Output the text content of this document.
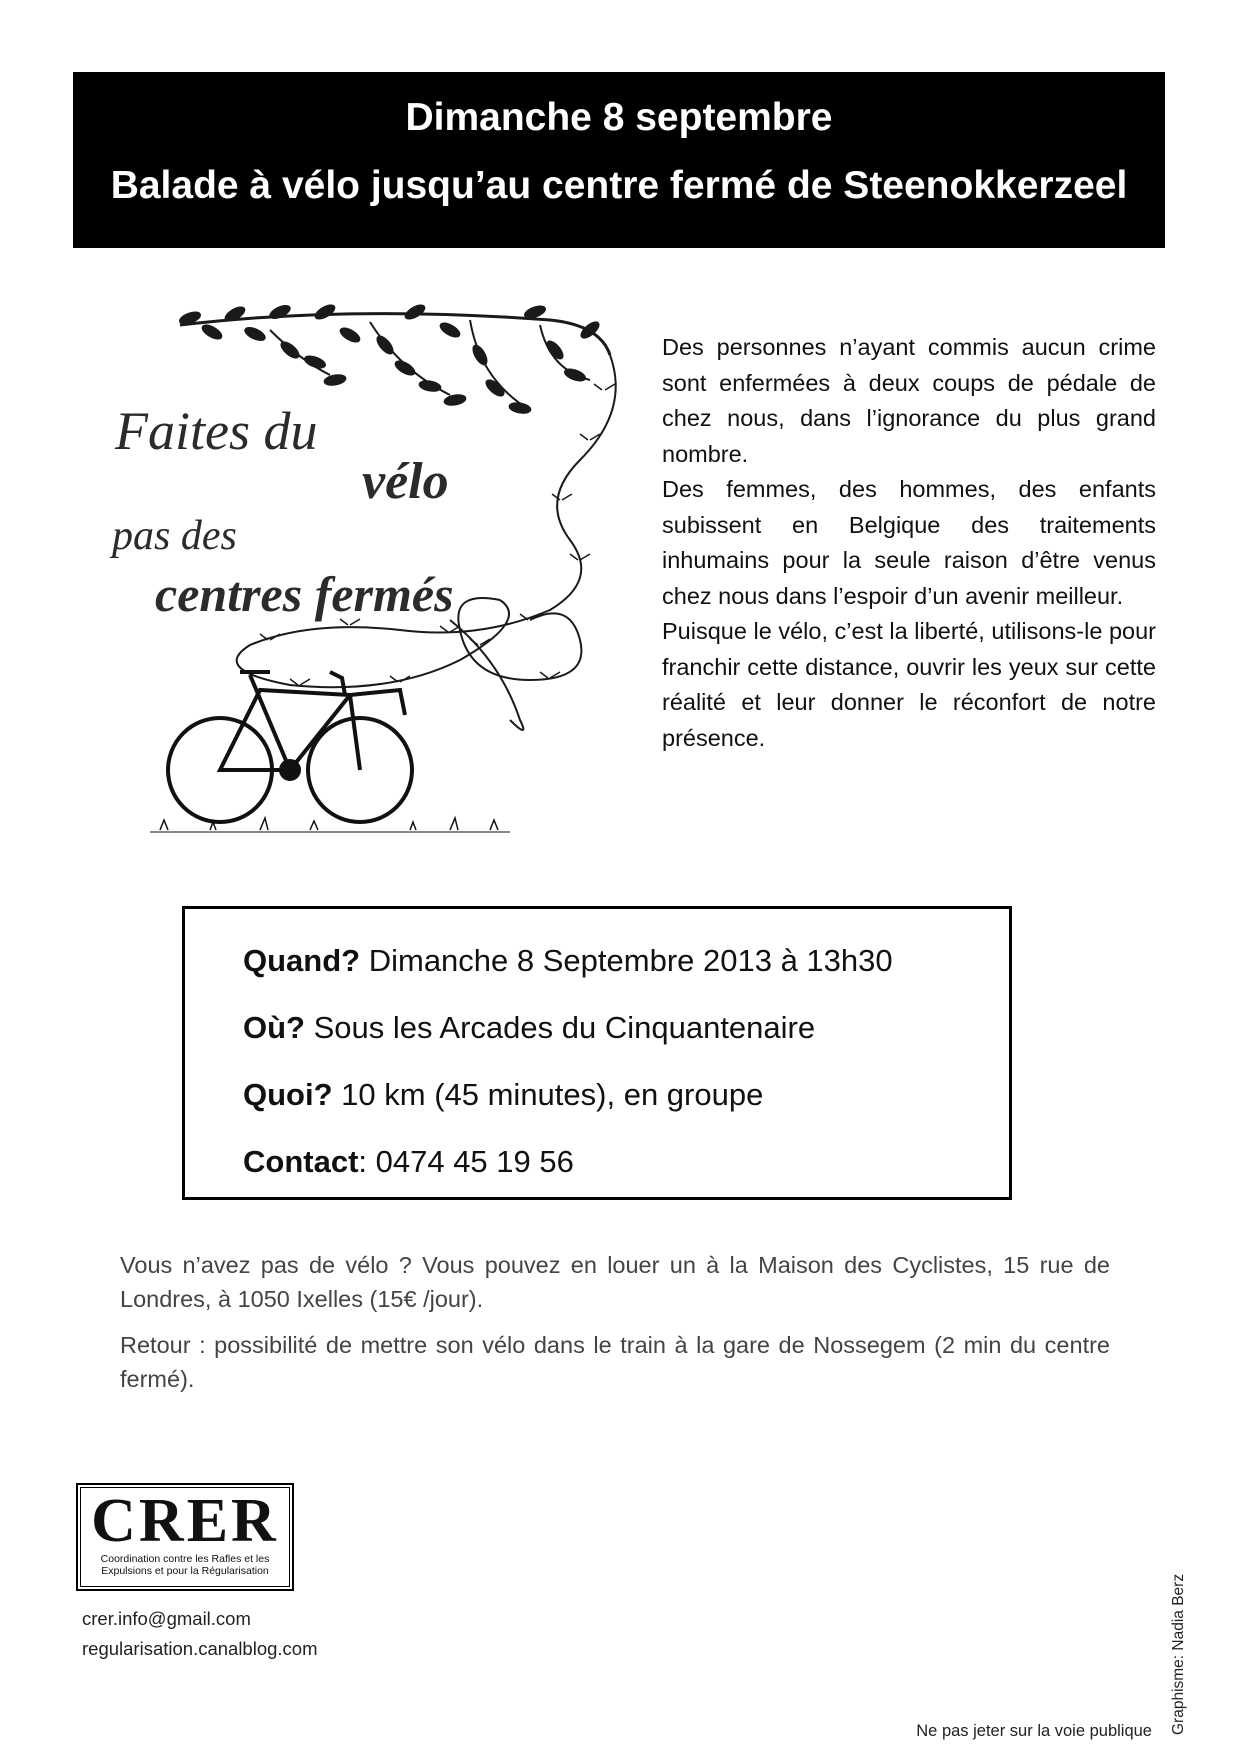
Dimanche 8 septembre
Balade à vélo jusqu’au centre fermé de Steenokkerzeel
Faites du
vélo
pas des
centres fermés

Des personnes n’ayant commis aucun crime sont enfermées à deux coups de pédale de chez nous, dans l’ignorance du plus grand nombre.

Des femmes, des hommes, des enfants subissent en Belgique des traitements inhumains pour la seule raison d’être venus chez nous dans l’espoir d’un avenir meilleur.

Puisque le vélo, c’est la liberté, utilisons-le pour franchir cette distance, ouvrir les yeux sur cette réalité et leur donner le réconfort de notre présence.

Quand? Dimanche 8 Septembre 2013 à 13h30
Où? Sous les Arcades du Cinquantenaire
Quoi? 10 km (45 minutes), en groupe
Contact: 0474 45 19 56

Vous n’avez pas de vélo ? Vous pouvez en louer un à la Maison des Cyclistes, 15 rue de Londres, à 1050 Ixelles (15€ /jour).

Retour : possibilité de mettre son vélo dans le train à la gare de Nossegem (2 min du centre fermé).

CRER
Coordination contre les Rafles et les Expulsions et pour la Régularisation
crer.info@gmail.com
regularisation.canalblog.com	Graphisme: Nadia Berz
Ne pas jeter sur la voie publique
